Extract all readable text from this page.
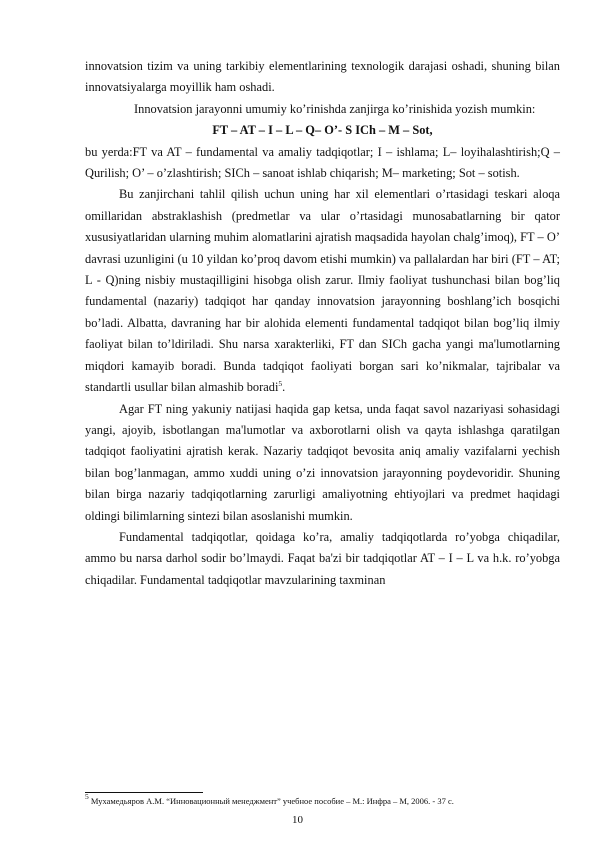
innovatsion tizim va uning tarkibiy elementlarining texnologik darajasi oshadi, shuning bilan innovatsiyalarga moyillik ham oshadi.

Innovatsion jarayonni umumiy ko’rinishda zanjirga ko’rinishida yozish mumkin:

FT – AT – I – L – Q– O’- S ICh – M – Sot,

bu yerda:FT va AT – fundamental va amaliy tadqiqotlar; I – ishlama; L– loyihalashtirish;Q – Qurilish; O’ – o’zlashtirish; SICh – sanoat ishlab chiqarish; M– marketing; Sot – sotish.

Bu zanjirchani tahlil qilish uchun uning har xil elementlari o’rtasidagi teskari aloqa omillaridan abstraklashish (predmetlar va ular o’rtasidagi munosabatlarning bir qator xususiyatlaridan ularning muhim alomatlarini ajratish maqsadida hayolan chalg’imoq), FT – O’ davrasi uzunligini (u 10 yildan ko’proq davom etishi mumkin) va pallalardan har biri (FT – AT; L - Q)ning nisbiy mustaqilligini hisobga olish zarur. Ilmiy faoliyat tushunchasi bilan bog’liq fundamental (nazariy) tadqiqot har qanday innovatsion jarayonning boshlang’ich bosqichi bo’ladi. Albatta, davraning har bir alohida elementi fundamental tadqiqot bilan bog’liq ilmiy faoliyat bilan to’ldiriladi. Shu narsa xarakterliki, FT dan SICh gacha yangi ma'lumotlarning miqdori kamayib boradi. Bunda tadqiqot faoliyati borgan sari ko’nikmalar, tajribalar va standartli usullar bilan almashib boradi$^5$.

Agar FT ning yakuniy natijasi haqida gap ketsa, unda faqat savol nazariyasi sohasidagi yangi, ajoyib, isbotlangan ma'lumotlar va axborotlarni olish va qayta ishlashga qaratilgan tadqiqot faoliyatini ajratish kerak. Nazariy tadqiqot bevosita aniq amaliy vazifalarni yechish bilan bog’lanmagan, ammo xuddi uning o’zi innovatsion jarayonning poydevoridir. Shuning bilan birga nazariy tadqiqotlarning zarurligi amaliyotning ehtiyojlari va predmet haqidagi oldingi bilimlarning sintezi bilan asoslanishi mumkin.

Fundamental tadqiqotlar, qoidaga ko’ra, amaliy tadqiqotlarda ro’yobga chiqadilar, ammo bu narsa darhol sodir bo’lmaydi. Faqat ba'zi bir tadqiqotlar AT – I – L va h.k. ro’yobga chiqadilar. Fundamental tadqiqotlar mavzularining taxminan

$^5$ Мухамедьяров А.М. “Инновационный менеджмент” учебное пособие – М.: Инфра – М, 2006. - 37 с.
10
